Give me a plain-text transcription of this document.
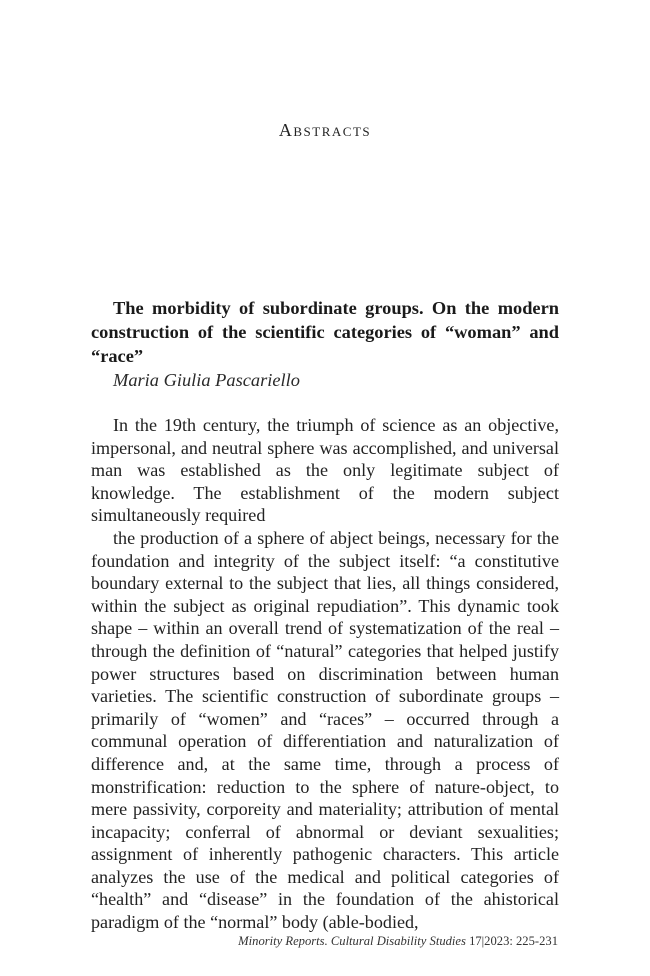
Abstracts

The morbidity of subordinate groups. On the modern construction of the scientific categories of “woman” and “race”

Maria Giulia Pascariello

In the 19th century, the triumph of science as an objective, impersonal, and neutral sphere was accomplished, and universal man was established as the only legitimate subject of knowledge. The establishment of the modern subject simultaneously required

the production of a sphere of abject beings, necessary for the foundation and integrity of the subject itself: “a constitutive boundary external to the subject that lies, all things considered, within the subject as original repudiation”. This dynamic took shape – within an overall trend of systematization of the real – through the definition of “natural” categories that helped justify power structures based on discrimination between human varieties. The scientific construction of subordinate groups – primarily of “women” and “races” – occurred through a communal operation of differentiation and naturalization of difference and, at the same time, through a process of monstrification: reduction to the sphere of nature-object, to mere passivity, corporeity and materiality; attribution of mental incapacity; conferral of abnormal or deviant sexualities; assignment of inherently pathogenic characters. This article analyzes the use of the medical and political categories of “health” and “disease” in the foundation of the ahistorical paradigm of the “normal” body (able-bodied,

Minority Reports. Cultural Disability Studies 17|2023: 225-231
